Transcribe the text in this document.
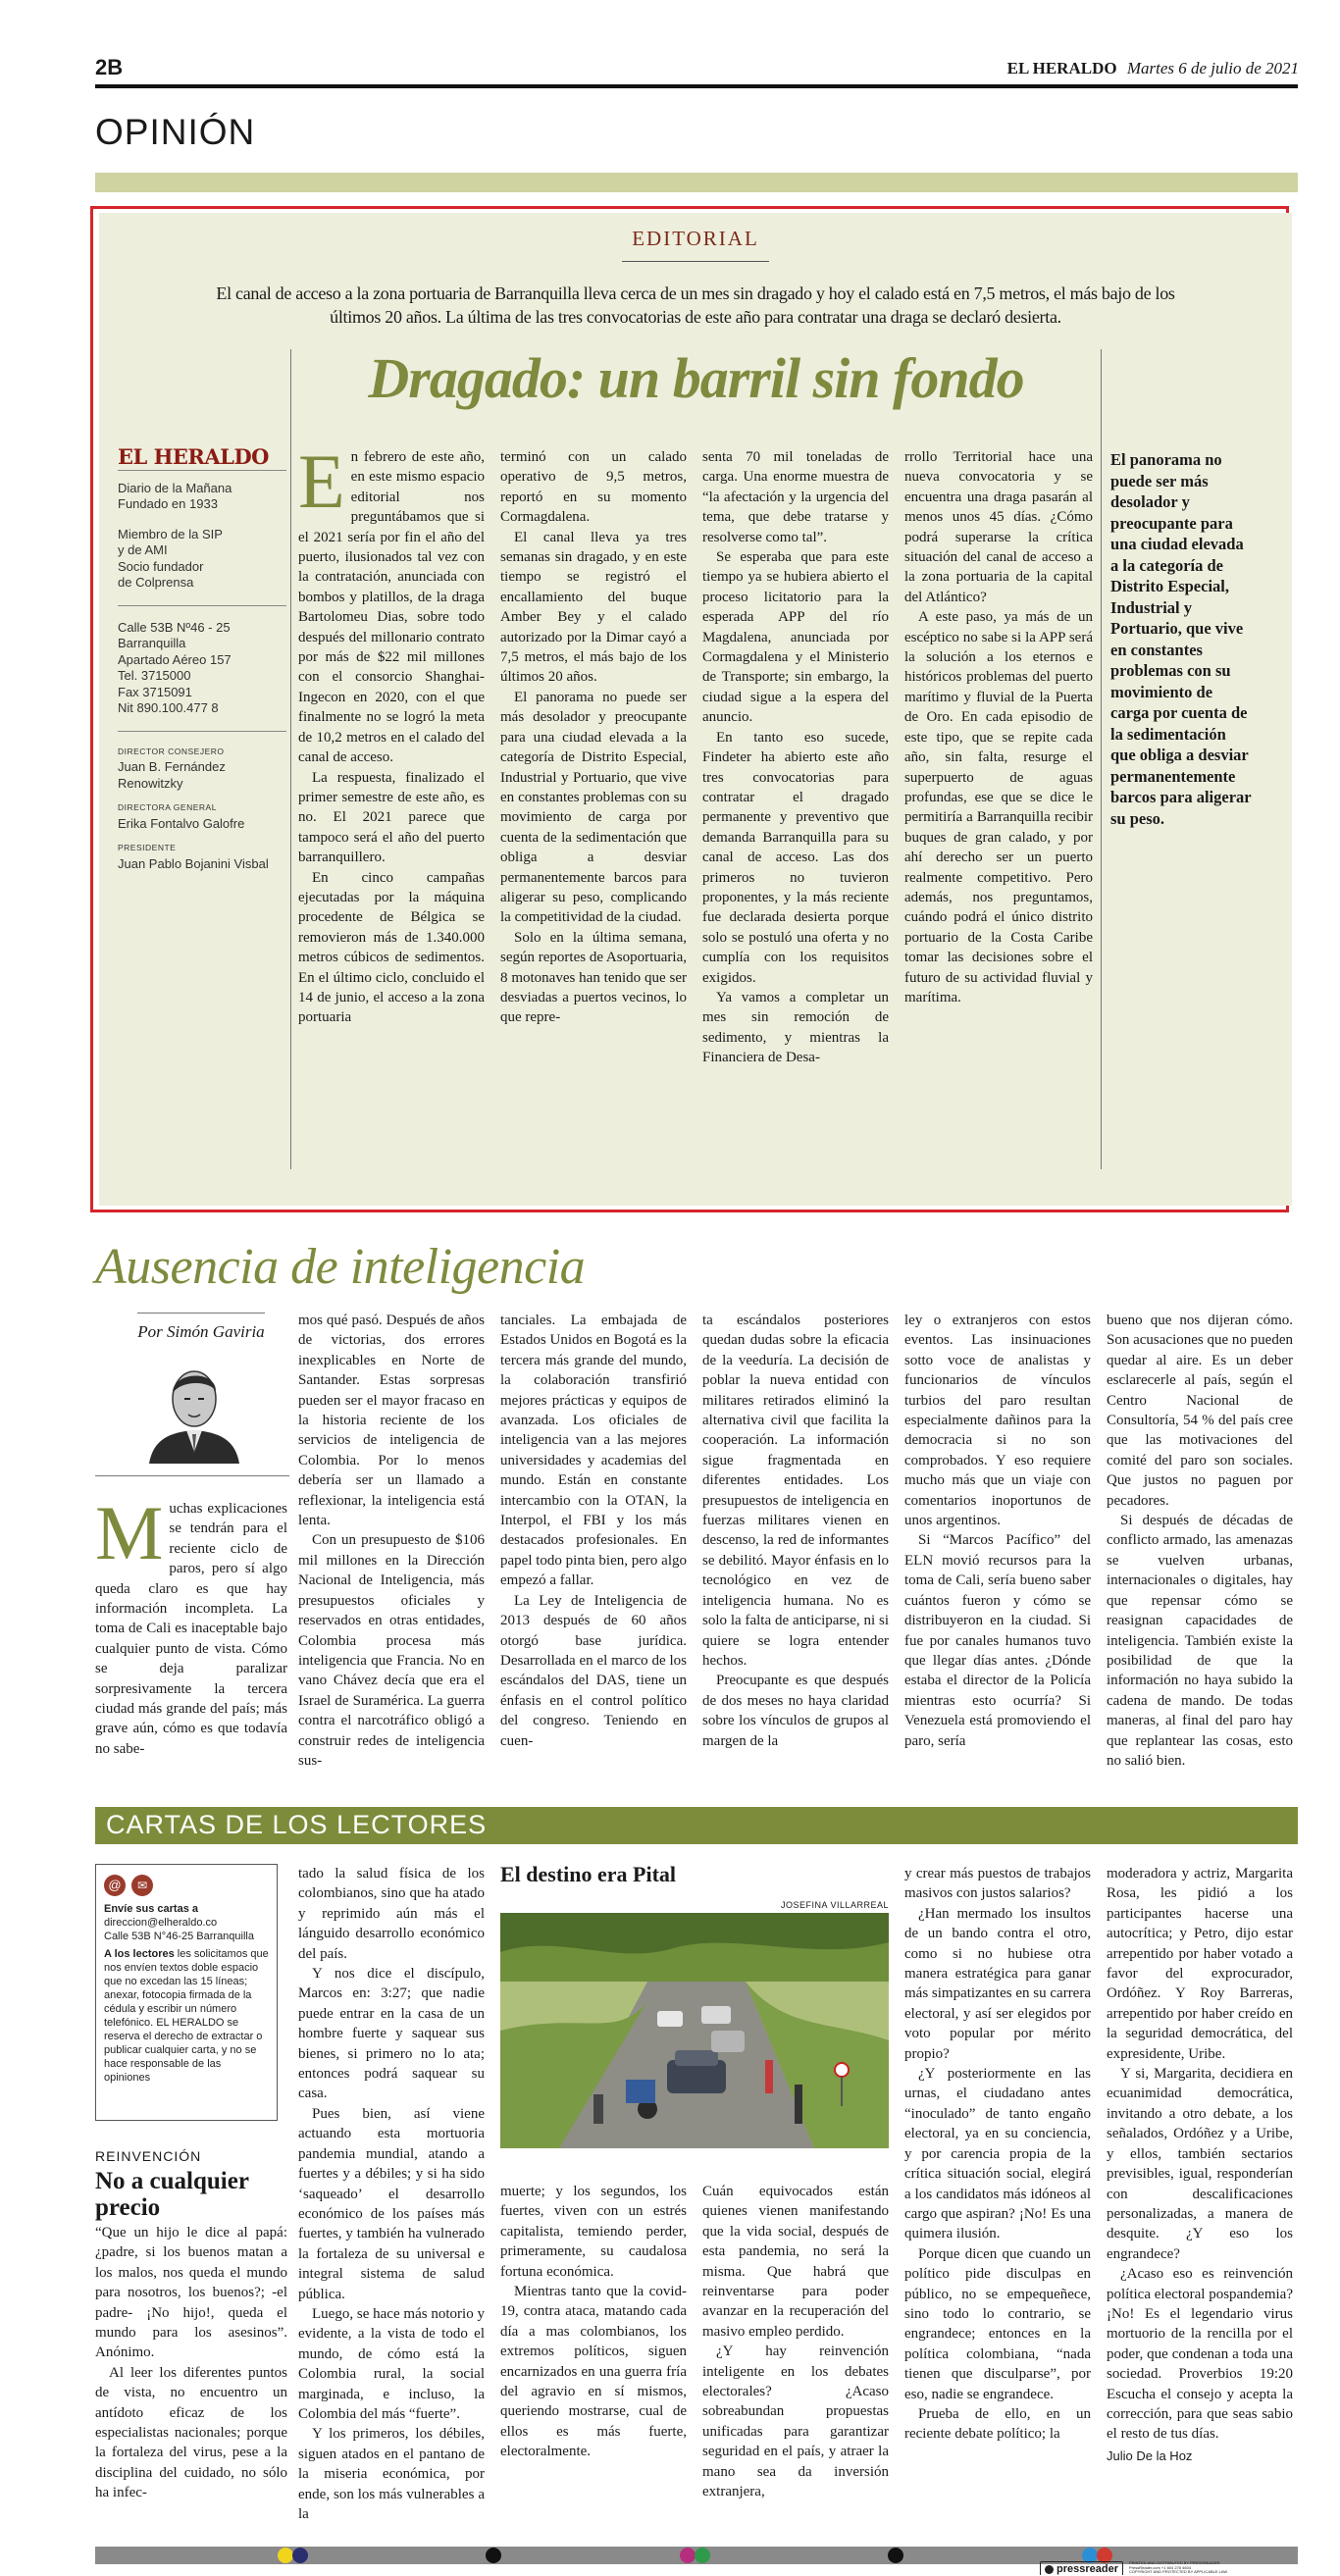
2B	EL HERALDO Martes 6 de julio de 2021
OPINIÓN
EDITORIAL
El canal de acceso a la zona portuaria de Barranquilla lleva cerca de un mes sin dragado y hoy el calado está en 7,5 metros, el más bajo de los últimos 20 años. La última de las tres convocatorias de este año para contratar una draga se declaró desierta.
Dragado: un barril sin fondo
EL HERALDO
Diario de la Mañana
Fundado en 1933
Miembro de la SIP
y de AMI
Socio fundador
de Colprensa
Calle 53B Nº46 - 25
Barranquilla
Apartado Aéreo 157
Tel. 3715000
Fax 3715091
Nit 890.100.477 8
DIRECTOR CONSEJERO
Juan B. Fernández Renowitzky
DIRECTORA GENERAL
Erika Fontalvo Galofre
PRESIDENTE
Juan Pablo Bojanini Visbal
E n febrero de este año, en este mismo espacio editorial nos preguntábamos que si el 2021 sería por fin el año del puerto, ilusionados tal vez con la contratación, anunciada con bombos y platillos, de la draga Bartolomeu Dias, sobre todo después del millonario contrato por más de $22 mil millones con el consorcio Shanghai-Ingecon en 2020, con el que finalmente no se logró la meta de 10,2 metros en el calado del canal de acceso.

La respuesta, finalizado el primer semestre de este año, es no. El 2021 parece que tampoco será el año del puerto barranquillero.

En cinco campañas ejecutadas por la máquina procedente de Bélgica se removieron más de 1.340.000 metros cúbicos de sedimentos. En el último ciclo, concluido el 14 de junio, el acceso a la zona portuaria

terminó con un calado operativo de 9,5 metros, reportó en su momento Cormagdalena.

El canal lleva ya tres semanas sin dragado, y en este tiempo se registró el encallamiento del buque Amber Bey y el calado autorizado por la Dimar cayó a 7,5 metros, el más bajo de los últimos 20 años.

El panorama no puede ser más desolador y preocupante para una ciudad elevada a la categoría de Distrito Especial, Industrial y Portuario, que vive en constantes problemas con su movimiento de carga por cuenta de la sedimentación que obliga a desviar permanentemente barcos para aligerar su peso, complicando la competitividad de la ciudad.

Solo en la última semana, según reportes de Asoportuaria, 8 motonaves han tenido que ser desviadas a puertos vecinos, lo que repre-

senta 70 mil toneladas de carga. Una enorme muestra de “la afectación y la urgencia del tema, que debe tratarse y resolverse como tal”.

Se esperaba que para este tiempo ya se hubiera abierto el proceso licitatorio para la esperada APP del río Magdalena, anunciada por Cormagdalena y el Ministerio de Transporte; sin embargo, la ciudad sigue a la espera del anuncio.

En tanto eso sucede, Findeter ha abierto este año tres convocatorias para contratar el dragado permanente y preventivo que demanda Barranquilla para su canal de acceso. Las dos primeros no tuvieron proponentes, y la más reciente fue declarada desierta porque solo se postuló una oferta y no cumplía con los requisitos exigidos.

Ya vamos a completar un mes sin remoción de sedimento, y mientras la Financiera de Desa-

rrollo Territorial hace una nueva convocatoria y se encuentra una draga pasarán al menos unos 45 días. ¿Cómo podrá superarse la crítica situación del canal de acceso a la zona portuaria de la capital del Atlántico?

A este paso, ya más de un escéptico no sabe si la APP será la solución a los eternos e históricos problemas del puerto marítimo y fluvial de la Puerta de Oro. En cada episodio de este tipo, que se repite cada año, sin falta, resurge el superpuerto de aguas profundas, ese que se dice le permitiría a Barranquilla recibir buques de gran calado, y por ahí derecho ser un puerto realmente competitivo. Pero además, nos preguntamos, cuándo podrá el único distrito portuario de la Costa Caribe tomar las decisiones sobre el futuro de su actividad fluvial y marítima.

El panorama no puede ser más desolador y preocupante para una ciudad elevada a la categoría de Distrito Especial, Industrial y Portuario, que vive en constantes problemas con su movimiento de carga por cuenta de la sedimentación que obliga a desviar permanentemente barcos para aligerar su peso.
Ausencia de inteligencia
Por Simón Gaviria
M uchas explicaciones se tendrán para el reciente ciclo de paros, pero sí algo queda claro es que hay información incompleta. La toma de Cali es inaceptable bajo cualquier punto de vista. Cómo se deja paralizar sorpresivamente la tercera ciudad más grande del país; más grave aún, cómo es que todavía no sabe-

mos qué pasó. Después de años de victorias, dos errores inexplicables en Norte de Santander. Estas sorpresas pueden ser el mayor fracaso en la historia reciente de los servicios de inteligencia de Colombia. Por lo menos debería ser un llamado a reflexionar, la inteligencia está lenta.

Con un presupuesto de $106 mil millones en la Dirección Nacional de Inteligencia, más presupuestos oficiales y reservados en otras entidades, Colombia procesa más inteligencia que Francia. No en vano Chávez decía que era el Israel de Suramérica. La guerra contra el narcotráfico obligó a construir redes de inteligencia sus-

tanciales. La embajada de Estados Unidos en Bogotá es la tercera más grande del mundo, la colaboración transfirió mejores prácticas y equipos de avanzada. Los oficiales de inteligencia van a las mejores universidades y academias del mundo. Están en constante intercambio con la OTAN, la Interpol, el FBI y los más destacados profesionales. En papel todo pinta bien, pero algo empezó a fallar.

La Ley de Inteligencia de 2013 después de 60 años otorgó base jurídica. Desarrollada en el marco de los escándalos del DAS, tiene un énfasis en el control político del congreso. Teniendo en cuen-

ta escándalos posteriores quedan dudas sobre la eficacia de la veeduría. La decisión de poblar la nueva entidad con militares retirados eliminó la alternativa civil que facilita la cooperación. La información sigue fragmentada en diferentes entidades. Los presupuestos de inteligencia en fuerzas militares vienen en descenso, la red de informantes se debilitó. Mayor énfasis en lo tecnológico en vez de inteligencia humana. No es solo la falta de anticiparse, ni si quiere se logra entender hechos.

Preocupante es que después de dos meses no haya claridad sobre los vínculos de grupos al margen de la

ley o extranjeros con estos eventos. Las insinuaciones sotto voce de analistas y funcionarios de vínculos turbios del paro resultan especialmente dañinos para la democracia si no son comprobados. Y eso requiere mucho más que un viaje con comentarios inoportunos de unos argentinos.

Si “Marcos Pacífico” del ELN movió recursos para la toma de Cali, sería bueno saber cuántos fueron y cómo se distribuyeron en la ciudad. Si fue por canales humanos tuvo que llegar días antes. ¿Dónde estaba el director de la Policía mientras esto ocurría? Si Venezuela está promoviendo el paro, sería

bueno que nos dijeran cómo. Son acusaciones que no pueden quedar al aire. Es un deber esclarecerle al país, según el Centro Nacional de Consultoría, 54 % del país cree que las motivaciones del comité del paro son sociales. Que justos no paguen por pecadores.

Si después de décadas de conflicto armado, las amenazas se vuelven urbanas, internacionales o digitales, hay que repensar cómo se reasignan capacidades de inteligencia. También existe la posibilidad de que la información no haya subido la cadena de mando. De todas maneras, al final del paro hay que replantear las cosas, esto no salió bien.

CARTAS DE LOS LECTORES
@	✉
Envíe sus cartas a
direccion@elheraldo.co
Calle 53B N°46-25 Barranquilla
A los lectores les solicitamos que nos envíen textos doble espacio que no excedan las 15 líneas; anexar, fotocopia firmada de la cédula y escribir un número telefónico. EL HERALDO se reserva el derecho de extractar o publicar cualquier carta, y no se hace responsable de las opiniones
REINVENCIÓN
No a cualquier precio

“Que un hijo le dice al papá: ¿padre, si los buenos matan a los malos, nos queda el mundo para nosotros, los buenos?; -el padre- ¡No hijo!, queda el mundo para los asesinos”. Anónimo.

Al leer los diferentes puntos de vista, no encuentro un antídoto eficaz de los especialistas nacionales; porque la fortaleza del virus, pese a la disciplina del cuidado, no sólo ha infec-

tado la salud física de los colombianos, sino que ha atado y reprimido aún más el lánguido desarrollo económico del país.

Y nos dice el discípulo, Marcos en: 3:27; que nadie puede entrar en la casa de un hombre fuerte y saquear sus bienes, si primero no lo ata; entonces podrá saquear su casa.

Pues bien, así viene actuando esta mortuoria pandemia mundial, atando a fuertes y a débiles; y si ha sido ‘saqueado’ el desarrollo económico de los países más fuertes, y también ha vulnerado la fortaleza de su universal e integral sistema de salud pública.

Luego, se hace más notorio y evidente, a la vista de todo el mundo, de cómo está la Colombia rural, la social marginada, e incluso, la Colombia del más “fuerte”.

Y los primeros, los débiles, siguen atados en el pantano de la miseria económica, por ende, son los más vulnerables a la

El destino era Pital
JOSEFINA VILLARREAL

muerte; y los segundos, los fuertes, viven con un estrés capitalista, temiendo perder, primeramente, su caudalosa fortuna económica.

Mientras tanto que la covid-19, contra ataca, matando cada día a mas colombianos, los extremos políticos, siguen encarnizados en una guerra fría del agravio en sí mismos, queriendo mostrarse, cual de ellos es más fuerte, electoralmente.

Cuán equivocados están quienes vienen manifestando que la vida social, después de esta pandemia, no será la misma. Que habrá que reinventarse para poder avanzar en la recuperación del masivo empleo perdido.

¿Y hay reinvención inteligente en los debates electorales? ¿Acaso sobreabundan propuestas unificadas para garantizar seguridad en el país, y atraer la mano sea da inversión extranjera,

y crear más puestos de trabajos masivos con justos salarios?

¿Han mermado los insultos de un bando contra el otro, como si no hubiese otra manera estratégica para ganar más simpatizantes en su carrera electoral, y así ser elegidos por voto popular por mérito propio?

¿Y posteriormente en las urnas, el ciudadano antes “inoculado” de tanto engaño electoral, ya en su conciencia, y por carencia propia de la crítica situación social, elegirá a los candidatos más idóneos al cargo que aspiran? ¡No! Es una quimera ilusión.

Porque dicen que cuando un político pide disculpas en público, no se empequeñece, sino todo lo contrario, se engrandece; entonces en la política colombiana, “nada tienen que disculparse”, por eso, nadie se engrandece.

Prueba de ello, en un reciente debate político; la

moderadora y actriz, Margarita Rosa, les pidió a los participantes hacerse una autocrítica; y Petro, dijo estar arrepentido por haber votado a favor del exprocurador, Ordóñez. Y Roy Barreras, arrepentido por haber creído en la seguridad democrática, del expresidente, Uribe.

Y si, Margarita, decidiera en ecuanimidad democrática, invitando a otro debate, a los señalados, Ordóñez y a Uribe, y ellos, también sectarios previsibles, igual, responderían con descalificaciones personalizadas, a manera de desquite. ¿Y eso los engrandece?

¿Acaso eso es reinvención política electoral pospandemia? ¡No! Es el legendario virus mortuorio de la rencilla por el poder, que condenan a toda una sociedad. Proverbios 19:20 Escucha el consejo y acepta la corrección, para que seas sabio el resto de tus días.

Julio De la Hoz

pressreader
PRINTED AND DISTRIBUTED BY PRESSREADER
PressReader.com +1 604 278 4604
COPYRIGHT AND PROTECTED BY APPLICABLE LAW
